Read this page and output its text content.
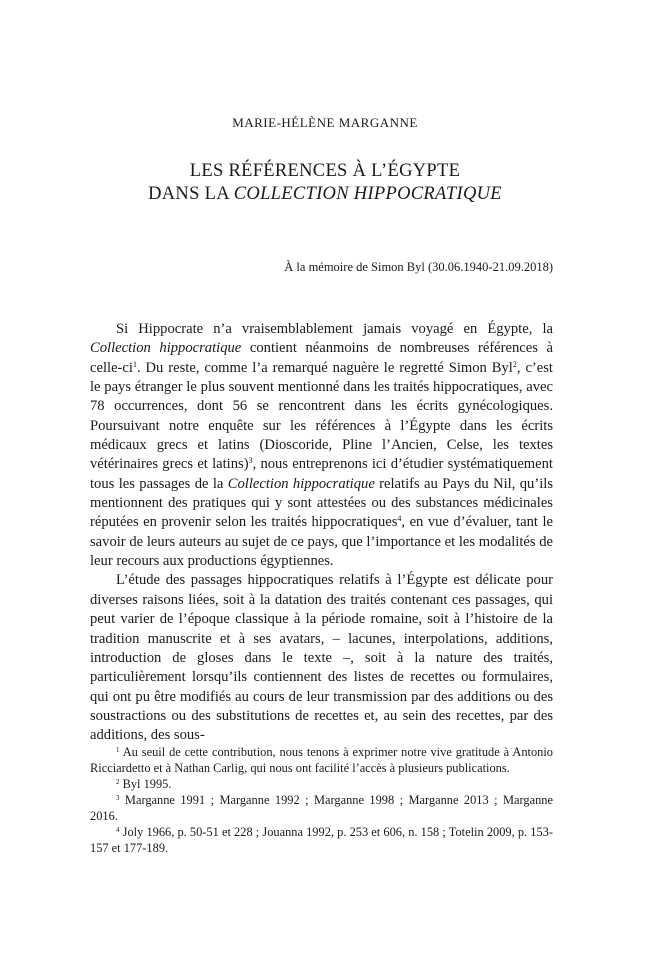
MARIE-HÉLÈNE MARGANNE
LES RÉFÉRENCES À L’ÉGYPTE
DANS LA COLLECTION HIPPOCRATIQUE
À la mémoire de Simon Byl (30.06.1940-21.09.2018)

Si Hippocrate n’a vraisemblablement jamais voyagé en Égypte, la Collection hippocratique contient néanmoins de nombreuses références à celle-$ci^1$. Du reste, comme l’a remarqué naguère le regretté Simon Byl$^2$, c’est le pays étranger le plus souvent mentionné dans les traités hippocratiques, avec 78 occurrences, dont 56 se rencontrent dans les écrits gynécologiques. Poursuivant notre enquête sur les références à l’Égypte dans les écrits médicaux grecs et latins (Dioscoride, Pline l’Ancien, Celse, les textes vétérinaires grecs et latins)$^3$, nous entreprenons ici d’étudier systématiquement tous les passages de la Collection hippocratique relatifs au Pays du Nil, qu’ils mentionnent des pratiques qui y sont attestées ou des substances médicinales réputées en provenir selon les traités hippocratiques$^4$, en vue d’évaluer, tant le savoir de leurs auteurs au sujet de ce pays, que l’importance et les modalités de leur recours aux productions égyptiennes.

L’étude des passages hippocratiques relatifs à l’Égypte est délicate pour diverses raisons liées, soit à la datation des traités contenant ces passages, qui peut varier de l’époque classique à la période romaine, soit à l’histoire de la tradition manuscrite et à ses avatars, – lacunes, interpolations, additions, introduction de gloses dans le texte –, soit à la nature des traités, particulièrement lorsqu’ils contiennent des listes de recettes ou formulaires, qui ont pu être modifiés au cours de leur transmission par des additions ou des soustractions ou des substitutions de recettes et, au sein des recettes, par des additions, des sous-

$^1$ Au seuil de cette contribution, nous tenons à exprimer notre vive gratitude à Antonio Ricciardetto et à Nathan Carlig, qui nous ont facilité l’accès à plusieurs publications.

$^2$ Byl 1995.

$^3$ Marganne 1991 ; Marganne 1992 ; Marganne 1998 ; Marganne 2013 ; Marganne 2016.

$^4$ Joly 1966, p. 50-51 et 228 ; Jouanna 1992, p. 253 et 606, n. 158 ; Totelin 2009, p. 153-157 et 177-189.
